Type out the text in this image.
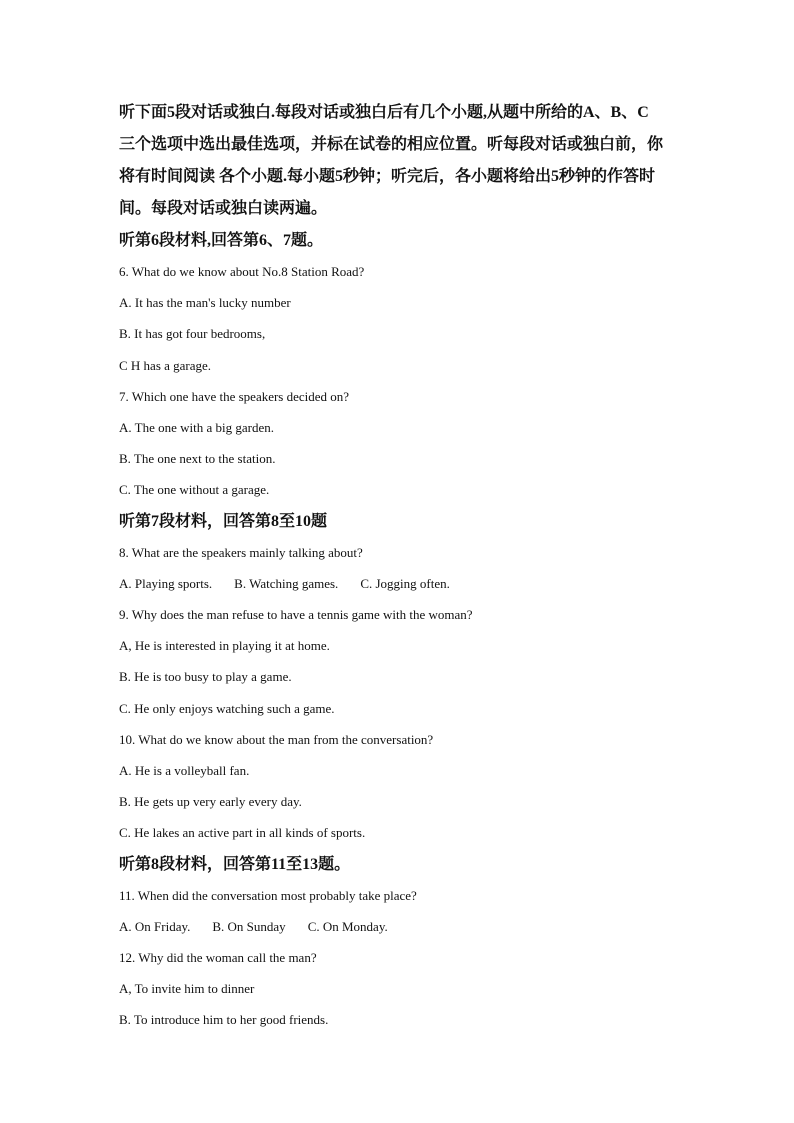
听下面5段对话或独白.每段对话或独白后有几个小题,从题中所给的A、B、C
三个选项中选出最佳选项，并标在试卷的相应位置。听每段对话或独白前，你
将有时间阅读 各个小题.每小题5秒钟；听完后，各小题将给出5秒钟的作答时
间。每段对话或独白读两遍。

听第6段材料,回答第6、7题。

6. What do we know about No.8 Station Road?

A. It has the man's lucky number

B. It has got four bedrooms,

C H has a garage.

7. Which one have the speakers decided on?

A. The one with a big garden.

B. The one next to the station.

C. The one without a garage.

听第7段材料，回答第8至10题

8. What are the speakers mainly talking about?

A. Playing sports. B. Watching games. C. Jogging often.

9. Why does the man refuse to have a tennis game with the woman?

A, He is interested in playing it at home.

B. He is too busy to play a game.

C. He only enjoys watching such a game.

10. What do we know about the man from the conversation?

A. He is a volleyball fan.

B. He gets up very early every day.

C. He lakes an active part in all kinds of sports.

听第8段材料，回答第11至13题。

11. When did the conversation most probably take place?

A. On Friday. B. On Sunday C. On Monday.

12. Why did the woman call the man?

A, To invite him to dinner

B. To introduce him to her good friends.
